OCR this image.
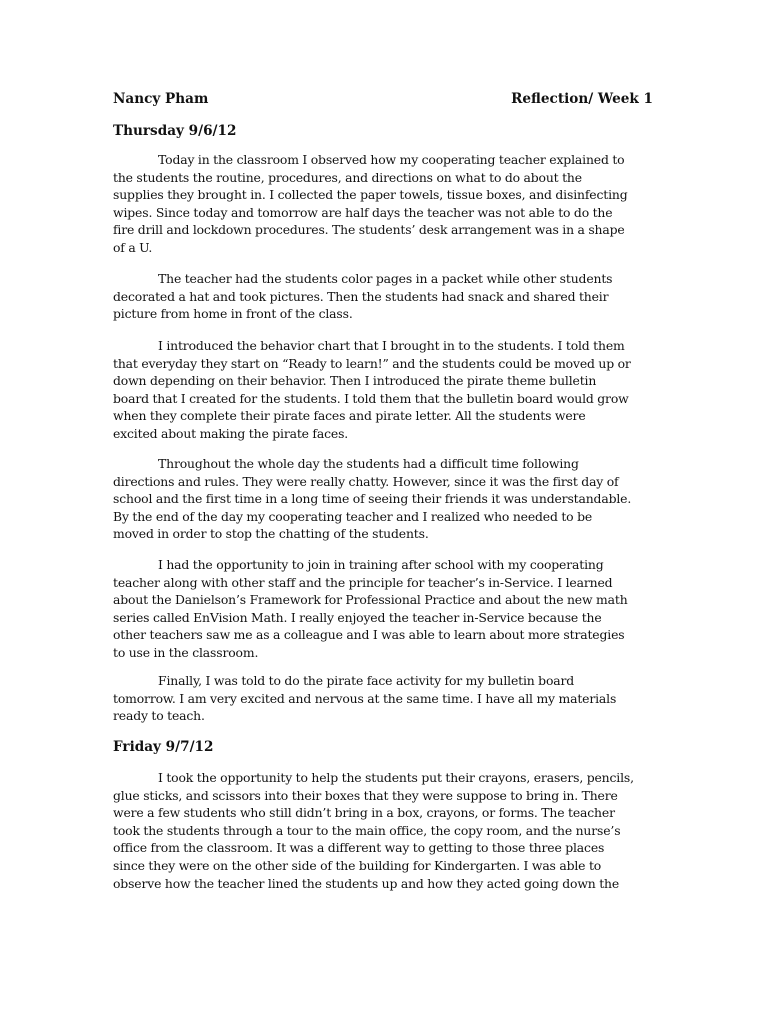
Nancy Pham	Reflection/ Week 1
Thursday 9/6/12
Today in the classroom I observed how my cooperating teacher explained to
the students the routine, procedures, and directions on what to do about the
supplies they brought in. I collected the paper towels, tissue boxes, and disinfecting
wipes. Since today and tomorrow are half days the teacher was not able to do the
fire drill and lockdown procedures. The students’ desk arrangement was in a shape
of a U.
The teacher had the students color pages in a packet while other students
decorated a hat and took pictures. Then the students had snack and shared their
picture from home in front of the class.
I introduced the behavior chart that I brought in to the students. I told them
that everyday they start on “Ready to learn!” and the students could be moved up or
down depending on their behavior. Then I introduced the pirate theme bulletin
board that I created for the students. I told them that the bulletin board would grow
when they complete their pirate faces and pirate letter. All the students were
excited about making the pirate faces.
Throughout the whole day the students had a difficult time following
directions and rules. They were really chatty. However, since it was the first day of
school and the first time in a long time of seeing their friends it was understandable.
By the end of the day my cooperating teacher and I realized who needed to be
moved in order to stop the chatting of the students.
I had the opportunity to join in training after school with my cooperating
teacher along with other staff and the principle for teacher’s in-Service. I learned
about the Danielson’s Framework for Professional Practice and about the new math
series called EnVision Math. I really enjoyed the teacher in-Service because the
other teachers saw me as a colleague and I was able to learn about more strategies
to use in the classroom.
Finally, I was told to do the pirate face activity for my bulletin board
tomorrow. I am very excited and nervous at the same time. I have all my materials
ready to teach.
Friday 9/7/12
I took the opportunity to help the students put their crayons, erasers, pencils,
glue sticks, and scissors into their boxes that they were suppose to bring in. There
were a few students who still didn’t bring in a box, crayons, or forms. The teacher
took the students through a tour to the main office, the copy room, and the nurse’s
office from the classroom. It was a different way to getting to those three places
since they were on the other side of the building for Kindergarten. I was able to
observe how the teacher lined the students up and how they acted going down the
